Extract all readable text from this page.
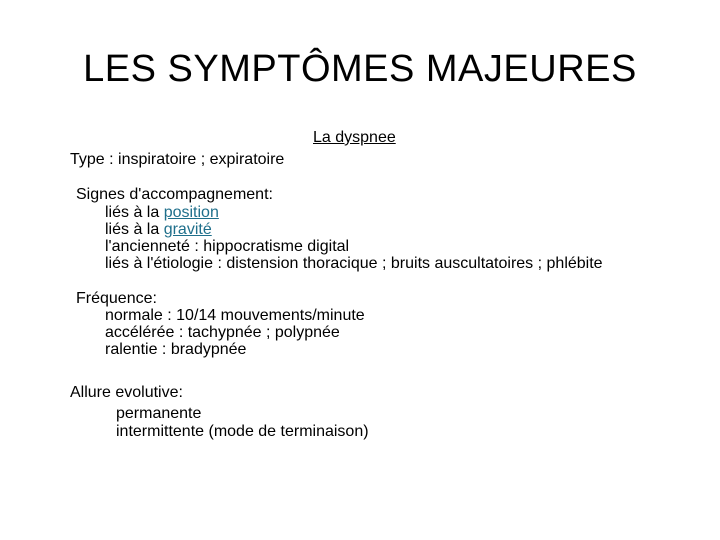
LES SYMPTÔMES MAJEURES
La dyspnee
Type : inspiratoire ; expiratoire
Signes d'accompagnement:
liés à la position
liés à la gravité
l'ancienneté : hippocratisme digital
liés à l'étiologie : distension thoracique ; bruits auscultatoires ; phlébite
Fréquence:
normale : 10/14 mouvements/minute
accélérée : tachypnée ; polypnée
ralentie : bradypnée
Allure evolutive:
permanente
intermittente (mode de terminaison)
